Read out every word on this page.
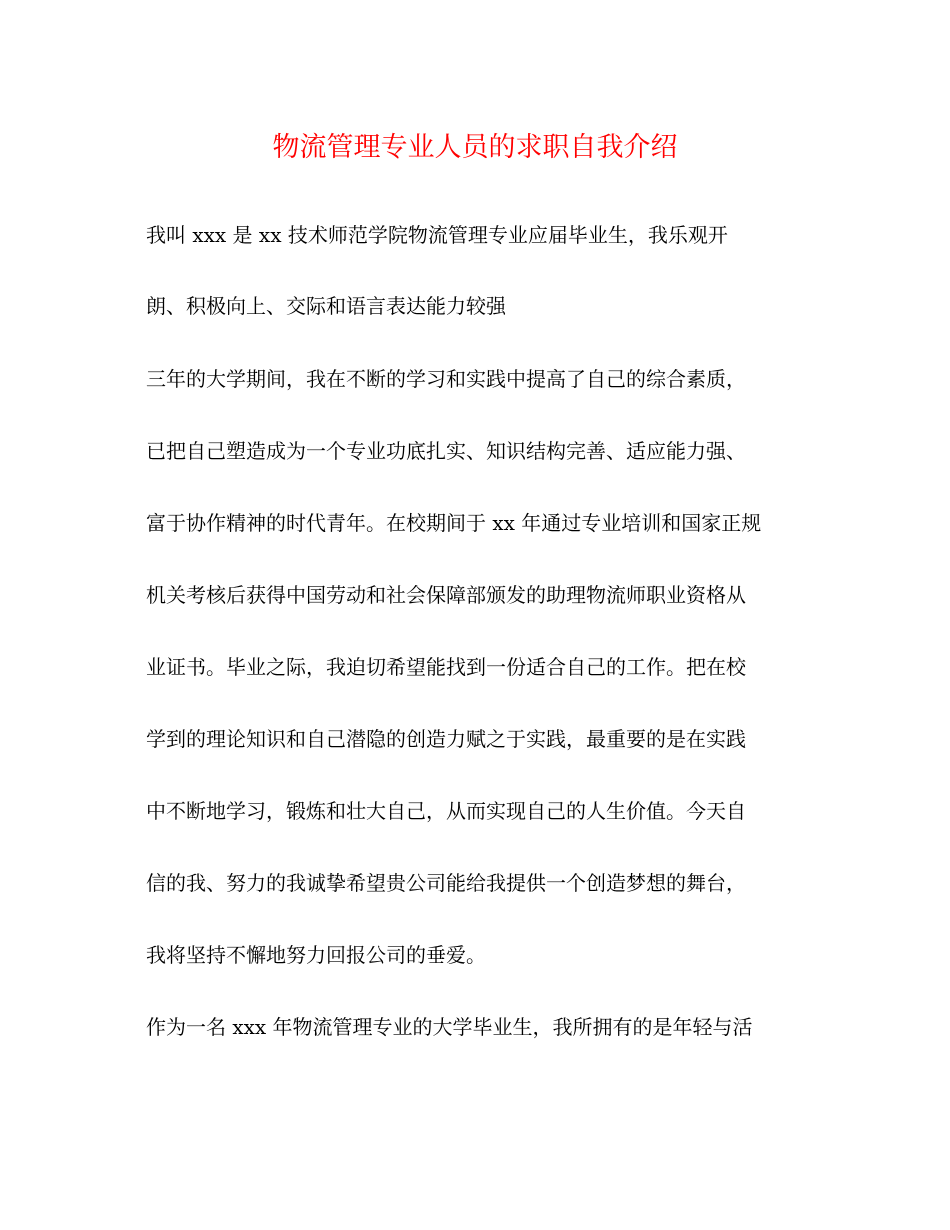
物流管理专业人员的求职自我介绍
我叫 xxx 是 xx 技术师范学院物流管理专业应届毕业生，我乐观开
朗、积极向上、交际和语言表达能力较强
三年的大学期间，我在不断的学习和实践中提高了自己的综合素质，
已把自己塑造成为一个专业功底扎实、知识结构完善、适应能力强、
富于协作精神的时代青年。在校期间于 xx 年通过专业培训和国家正规
机关考核后获得中国劳动和社会保障部颁发的助理物流师职业资格从
业证书。毕业之际，我迫切希望能找到一份适合自己的工作。把在校
学到的理论知识和自己潜隐的创造力赋之于实践，最重要的是在实践
中不断地学习，锻炼和壮大自己，从而实现自己的人生价值。今天自
信的我、努力的我诚挚希望贵公司能给我提供一个创造梦想的舞台，
我将坚持不懈地努力回报公司的垂爱。
作为一名 xxx 年物流管理专业的大学毕业生，我所拥有的是年轻与活
